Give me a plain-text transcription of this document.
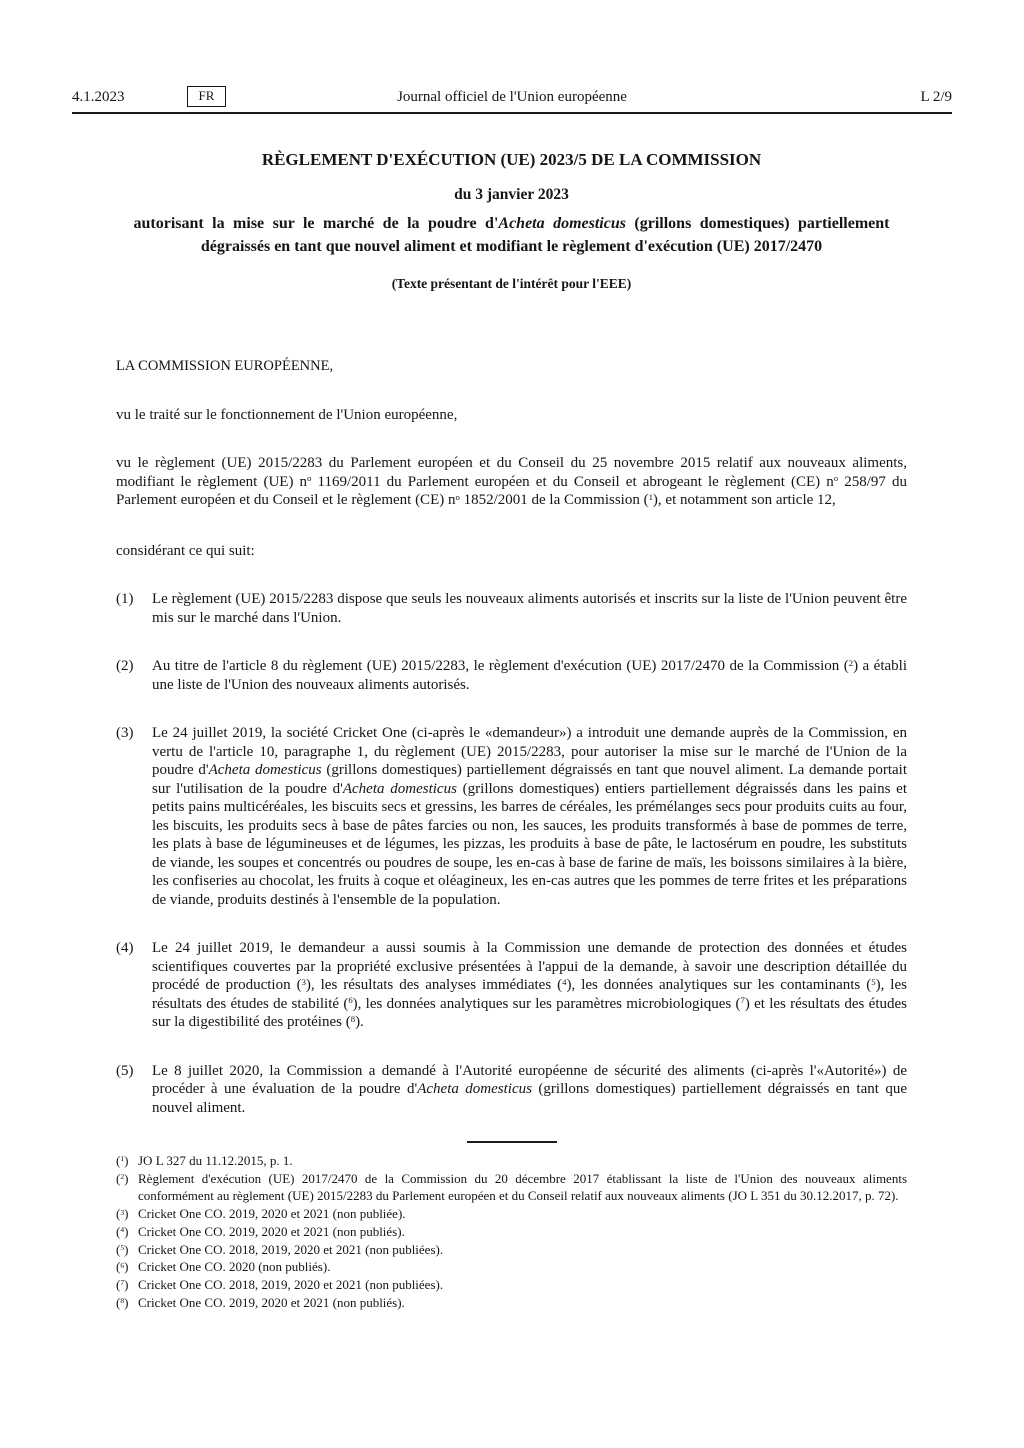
4.1.2023	FR	Journal officiel de l'Union européenne	L 2/9
RÈGLEMENT D'EXÉCUTION (UE) 2023/5 DE LA COMMISSION
du 3 janvier 2023

autorisant la mise sur le marché de la poudre d'Acheta domesticus (grillons domestiques) partiellement dégraissés en tant que nouvel aliment et modifiant le règlement d'exécution (UE) 2017/2470

(Texte présentant de l'intérêt pour l'EEE)

LA COMMISSION EUROPÉENNE,

vu le traité sur le fonctionnement de l'Union européenne,

vu le règlement (UE) 2015/2283 du Parlement européen et du Conseil du 25 novembre 2015 relatif aux nouveaux aliments, modifiant le règlement (UE) $n^o$ 1169/2011 du Parlement européen et du Conseil et abrogeant le règlement (CE) $n^o$ 258/97 du Parlement européen et du Conseil et le règlement (CE) $n^o$ 1852/2001 de la Commission ($^1$), et notamment son article 12,

considérant ce qui suit:

(1)	Le règlement (UE) 2015/2283 dispose que seuls les nouveaux aliments autorisés et inscrits sur la liste de l'Union peuvent être mis sur le marché dans l'Union.

(2)	Au titre de l'article 8 du règlement (UE) 2015/2283, le règlement d'exécution (UE) 2017/2470 de la Commission ($^2$) a établi une liste de l'Union des nouveaux aliments autorisés.

(3)	Le 24 juillet 2019, la société Cricket One (ci-après le «demandeur») a introduit une demande auprès de la Commission, en vertu de l'article 10, paragraphe 1, du règlement (UE) 2015/2283, pour autoriser la mise sur le marché de l'Union de la poudre d'Acheta domesticus (grillons domestiques) partiellement dégraissés en tant que nouvel aliment. La demande portait sur l'utilisation de la poudre d'Acheta domesticus (grillons domestiques) entiers partiellement dégraissés dans les pains et petits pains multicéréales, les biscuits secs et gressins, les barres de céréales, les prémélanges secs pour produits cuits au four, les biscuits, les produits secs à base de pâtes farcies ou non, les sauces, les produits transformés à base de pommes de terre, les plats à base de légumineuses et de légumes, les pizzas, les produits à base de pâte, le lactosérum en poudre, les substituts de viande, les soupes et concentrés ou poudres de soupe, les en-cas à base de farine de maïs, les boissons similaires à la bière, les confiseries au chocolat, les fruits à coque et oléagineux, les en-cas autres que les pommes de terre frites et les préparations de viande, produits destinés à l'ensemble de la population.

(4)	Le 24 juillet 2019, le demandeur a aussi soumis à la Commission une demande de protection des données et études scientifiques couvertes par la propriété exclusive présentées à l'appui de la demande, à savoir une description détaillée du procédé de production ($^3$), les résultats des analyses immédiates ($^4$), les données analytiques sur les contaminants ($^5$), les résultats des études de stabilité ($^6$), les données analytiques sur les paramètres microbiologiques ($^7$) et les résultats des études sur la digestibilité des protéines ($^8$).

(5)	Le 8 juillet 2020, la Commission a demandé à l'Autorité européenne de sécurité des aliments (ci-après l'«Autorité») de procéder à une évaluation de la poudre d'Acheta domesticus (grillons domestiques) partiellement dégraissés en tant que nouvel aliment.

($^1$) JO L 327 du 11.12.2015, p. 1.

($^2$) Règlement d'exécution (UE) 2017/2470 de la Commission du 20 décembre 2017 établissant la liste de l'Union des nouveaux aliments conformément au règlement (UE) 2015/2283 du Parlement européen et du Conseil relatif aux nouveaux aliments (JO L 351 du 30.12.2017, p. 72).

($^3$) Cricket One CO. 2019, 2020 et 2021 (non publiée).

($^4$) Cricket One CO. 2019, 2020 et 2021 (non publiés).

($^5$) Cricket One CO. 2018, 2019, 2020 et 2021 (non publiées).

($^6$) Cricket One CO. 2020 (non publiés).

($^7$) Cricket One CO. 2018, 2019, 2020 et 2021 (non publiées).

($^8$) Cricket One CO. 2019, 2020 et 2021 (non publiés).
